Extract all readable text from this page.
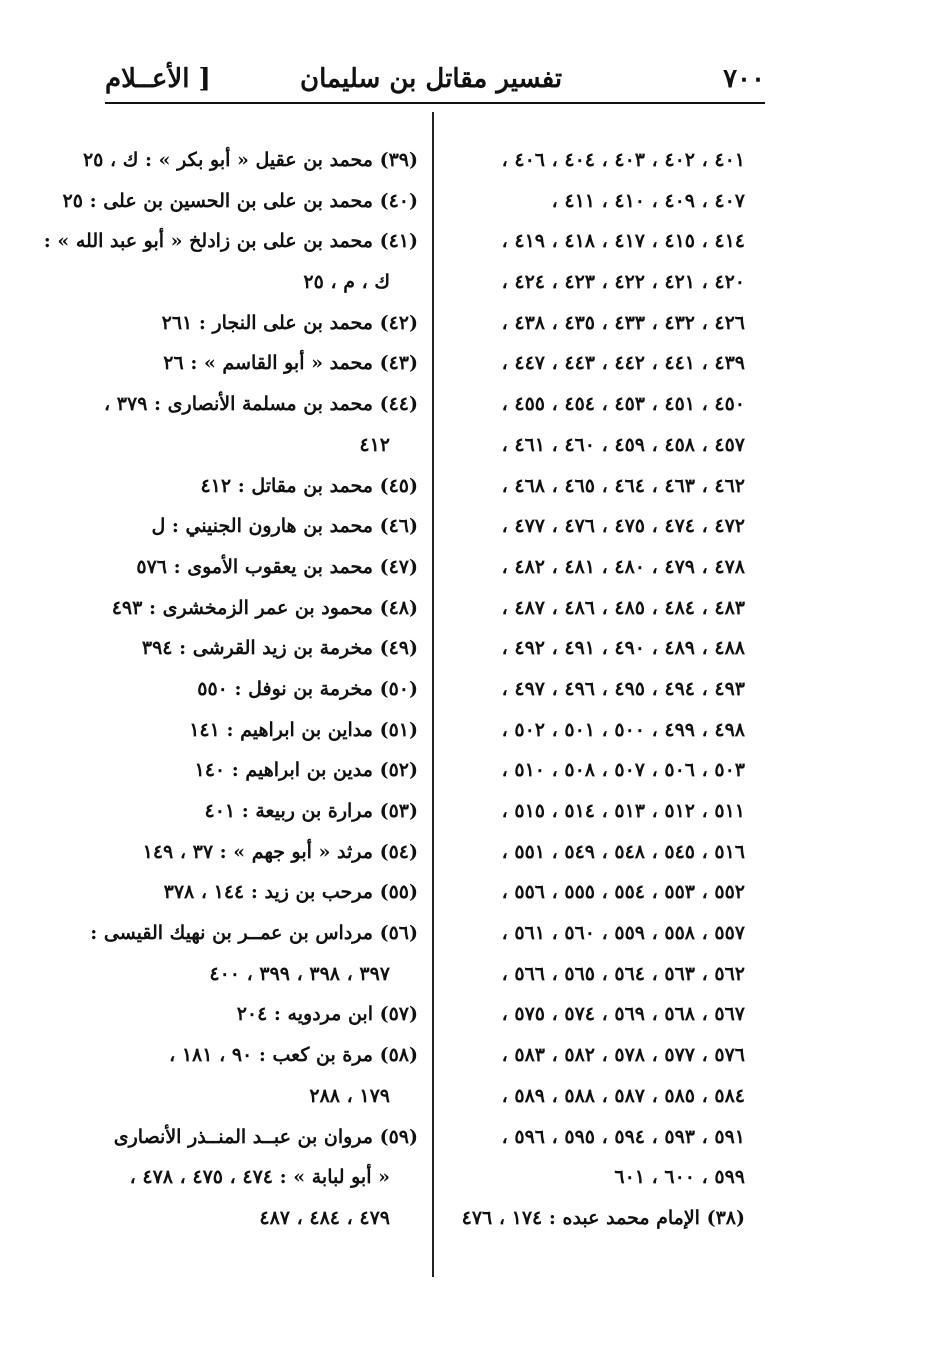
٧٠٠
تفسير مقاتل بن سليمان
[ الأعــلام
٤٠١ ، ٤٠٢ ، ٤٠٣ ، ٤٠٤ ، ٤٠٦ ،
٤٠٧ ، ٤٠٩ ، ٤١٠ ، ٤١١ ،
٤١٤ ، ٤١٥ ، ٤١٧ ، ٤١٨ ، ٤١٩ ،
٤٢٠ ، ٤٢١ ، ٤٢٢ ، ٤٢٣ ، ٤٢٤ ،
٤٢٦ ، ٤٣٢ ، ٤٣٣ ، ٤٣٥ ، ٤٣٨ ،
٤٣٩ ، ٤٤١ ، ٤٤٢ ، ٤٤٣ ، ٤٤٧ ،
٤٥٠ ، ٤٥١ ، ٤٥٣ ، ٤٥٤ ، ٤٥٥ ،
٤٥٧ ، ٤٥٨ ، ٤٥٩ ، ٤٦٠ ، ٤٦١ ،
٤٦٢ ، ٤٦٣ ، ٤٦٤ ، ٤٦٥ ، ٤٦٨ ،
٤٧٢ ، ٤٧٤ ، ٤٧٥ ، ٤٧٦ ، ٤٧٧ ،
٤٧٨ ، ٤٧٩ ، ٤٨٠ ، ٤٨١ ، ٤٨٢ ،
٤٨٣ ، ٤٨٤ ، ٤٨٥ ، ٤٨٦ ، ٤٨٧ ،
٤٨٨ ، ٤٨٩ ، ٤٩٠ ، ٤٩١ ، ٤٩٢ ،
٤٩٣ ، ٤٩٤ ، ٤٩٥ ، ٤٩٦ ، ٤٩٧ ،
٤٩٨ ، ٤٩٩ ، ٥٠٠ ، ٥٠١ ، ٥٠٢ ،
٥٠٣ ، ٥٠٦ ، ٥٠٧ ، ٥٠٨ ، ٥١٠ ،
٥١١ ، ٥١٢ ، ٥١٣ ، ٥١٤ ، ٥١٥ ،
٥١٦ ، ٥٤٥ ، ٥٤٨ ، ٥٤٩ ، ٥٥١ ،
٥٥٢ ، ٥٥٣ ، ٥٥٤ ، ٥٥٥ ، ٥٥٦ ،
٥٥٧ ، ٥٥٨ ، ٥٥٩ ، ٥٦٠ ، ٥٦١ ،
٥٦٢ ، ٥٦٣ ، ٥٦٤ ، ٥٦٥ ، ٥٦٦ ،
٥٦٧ ، ٥٦٨ ، ٥٦٩ ، ٥٧٤ ، ٥٧٥ ،
٥٧٦ ، ٥٧٧ ، ٥٧٨ ، ٥٨٢ ، ٥٨٣ ،
٥٨٤ ، ٥٨٥ ، ٥٨٧ ، ٥٨٨ ، ٥٨٩ ،
٥٩١ ، ٥٩٣ ، ٥٩٤ ، ٥٩٥ ، ٥٩٦ ،
٥٩٩ ، ٦٠٠ ، ٦٠١
(٣٨) الإمام محمد عبده : ١٧٤ ، ٤٧٦
(٣٩) محمد بن عقيل « أبو بكر » : ك ، ٢٥
(٤٠) محمد بن على بن الحسين بن على : ٢٥
(٤١) محمد بن على بن زادلخ « أبو عبد الله » :
ك ، م ، ٢٥
(٤٢) محمد بن على النجار : ٢٦١
(٤٣) محمد « أبو القاسم » : ٢٦
(٤٤) محمد بن مسلمة الأنصارى : ٣٧٩ ،
٤١٢
(٤٥) محمد بن مقاتل : ٤١٢
(٤٦) محمد بن هارون الجنيني : ل
(٤٧) محمد بن يعقوب الأموى : ٥٧٦
(٤٨) محمود بن عمر الزمخشرى : ٤٩٣
(٤٩) مخرمة بن زيد القرشى : ٣٩٤
(٥٠) مخرمة بن نوفل : ٥٥٠
(٥١) مداين بن ابراهيم : ١٤١
(٥٢) مدين بن ابراهيم : ١٤٠
(٥٣) مرارة بن ربيعة : ٤٠١
(٥٤) مرثد « أبو جهم » : ٣٧ ، ١٤٩
(٥٥) مرحب بن زيد : ١٤٤ ، ٣٧٨
(٥٦) مرداس بن عمــر بن نهيك القيسى :
٣٩٧ ، ٣٩٨ ، ٣٩٩ ، ٤٠٠
(٥٧) ابن مردويه : ٢٠٤
(٥٨) مرة بن كعب : ٩٠ ، ١٨١ ،
١٧٩ ، ٢٨٨
(٥٩) مروان بن عبــد المنــذر الأنصارى
« أبو لبابة » : ٤٧٤ ، ٤٧٥ ، ٤٧٨ ،
٤٧٩ ، ٤٨٤ ، ٤٨٧
